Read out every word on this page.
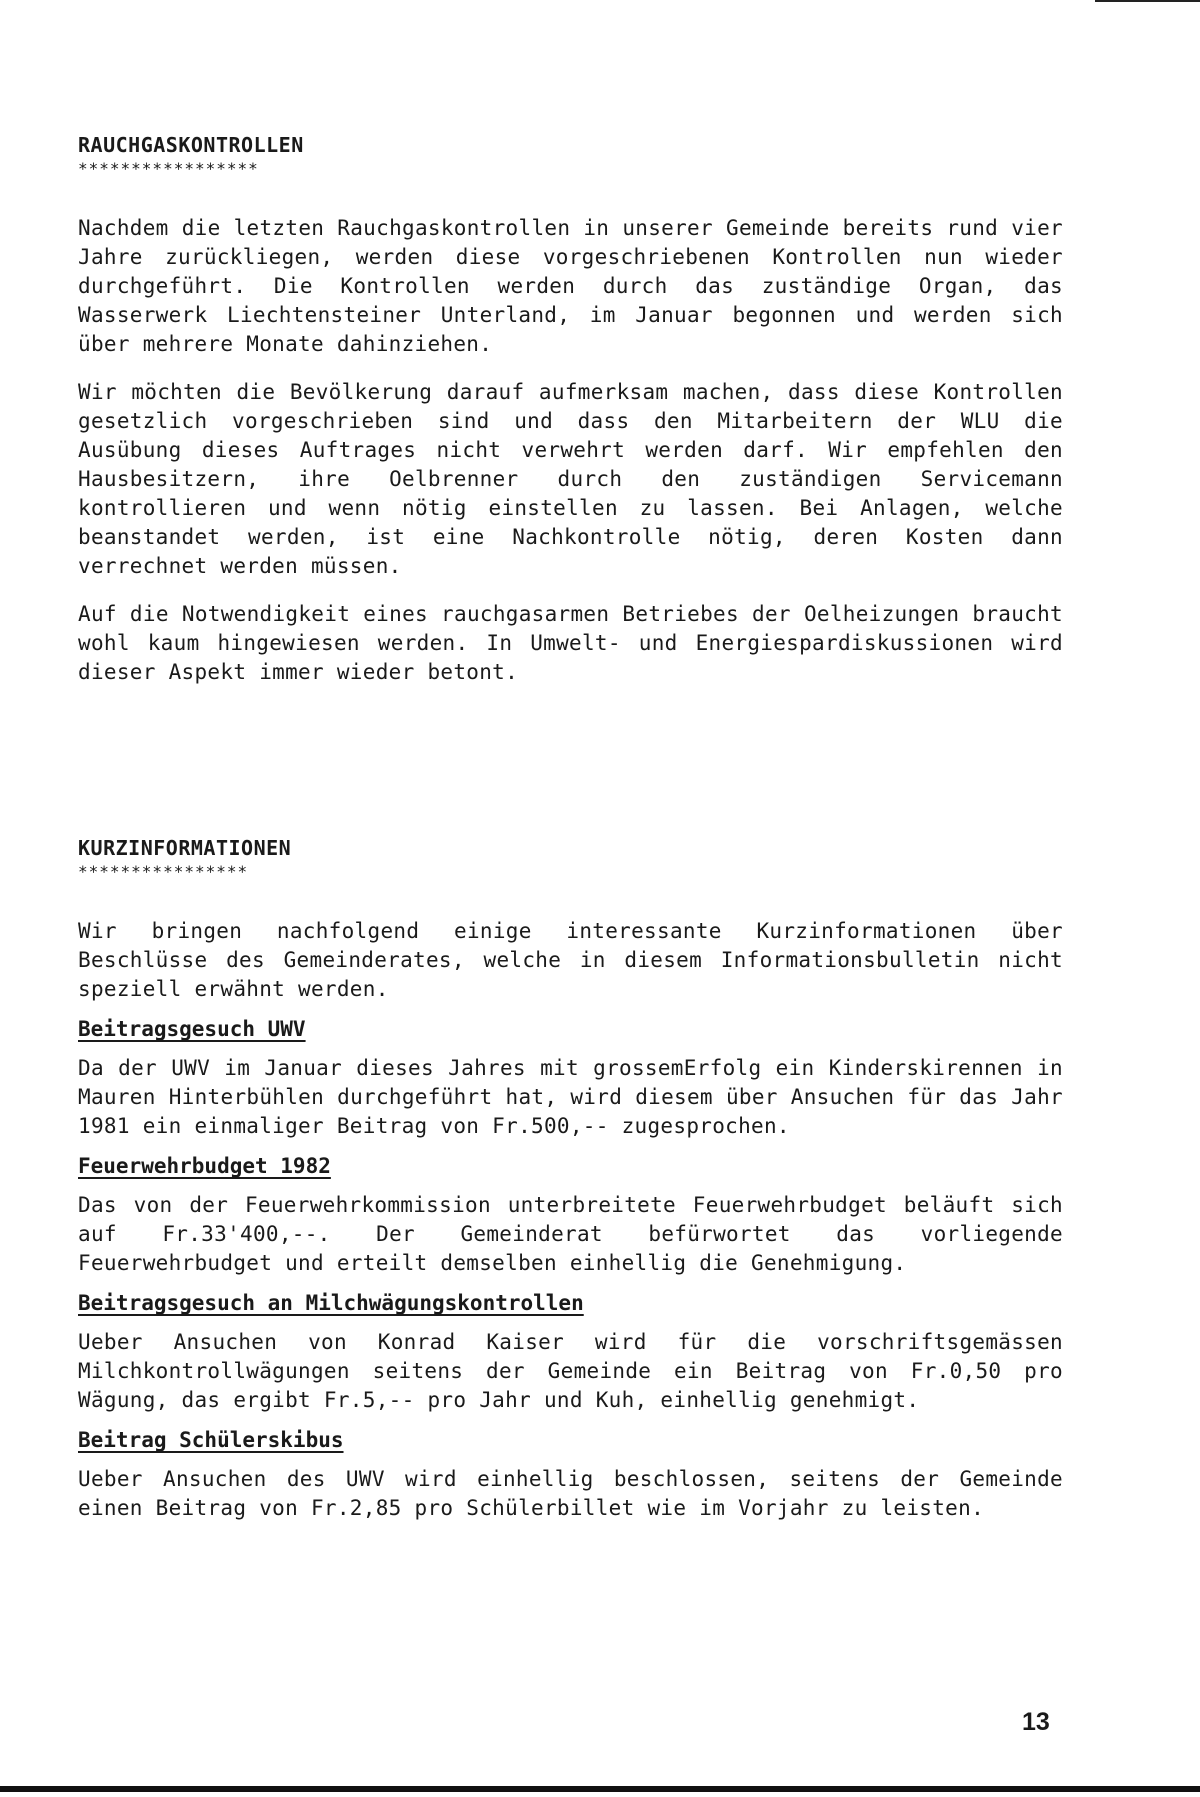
RAUCHGASKONTROLLEN
*****************

Nachdem die letzten Rauchgaskontrollen in unserer Gemeinde bereits rund vier Jahre zurückliegen, werden diese vorgeschriebenen Kontrollen nun wieder durchgeführt. Die Kontrollen werden durch das zuständige Organ, das Wasserwerk Liechtensteiner Unterland, im Januar begonnen und werden sich über mehrere Monate dahinziehen.

Wir möchten die Bevölkerung darauf aufmerksam machen, dass diese Kontrollen gesetzlich vorgeschrieben sind und dass den Mitarbeitern der WLU die Ausübung dieses Auftrages nicht verwehrt werden darf. Wir empfehlen den Hausbesitzern, ihre Oelbrenner durch den zuständigen Servicemann kontrollieren und wenn nötig einstellen zu lassen. Bei Anlagen, welche beanstandet werden, ist eine Nachkontrolle nötig, deren Kosten dann verrechnet werden müssen.

Auf die Notwendigkeit eines rauchgasarmen Betriebes der Oelheizungen braucht wohl kaum hingewiesen werden. In Umwelt- und Energiespardiskussionen wird dieser Aspekt immer wieder betont.

KURZINFORMATIONEN
****************

Wir bringen nachfolgend einige interessante Kurzinformationen über Beschlüsse des Gemeinderates, welche in diesem Informationsbulletin nicht speziell erwähnt werden.

Beitragsgesuch UWV

Da der UWV im Januar dieses Jahres mit grossemErfolg ein Kinderskirennen in Mauren Hinterbühlen durchgeführt hat, wird diesem über Ansuchen für das Jahr 1981 ein einmaliger Beitrag von Fr.500,-- zugesprochen.

Feuerwehrbudget 1982

Das von der Feuerwehrkommission unterbreitete Feuerwehrbudget beläuft sich auf Fr.33'400,--. Der Gemeinderat befürwortet das vorliegende Feuerwehrbudget und erteilt demselben einhellig die Genehmigung.

Beitragsgesuch an Milchwägungskontrollen

Ueber Ansuchen von Konrad Kaiser wird für die vorschriftsgemässen Milchkontrollwägungen seitens der Gemeinde ein Beitrag von Fr.0,50 pro Wägung, das ergibt Fr.5,-- pro Jahr und Kuh, einhellig genehmigt.

Beitrag Schülerskibus

Ueber Ansuchen des UWV wird einhellig beschlossen, seitens der Gemeinde einen Beitrag von Fr.2,85 pro Schülerbillet wie im Vorjahr zu leisten.

13
